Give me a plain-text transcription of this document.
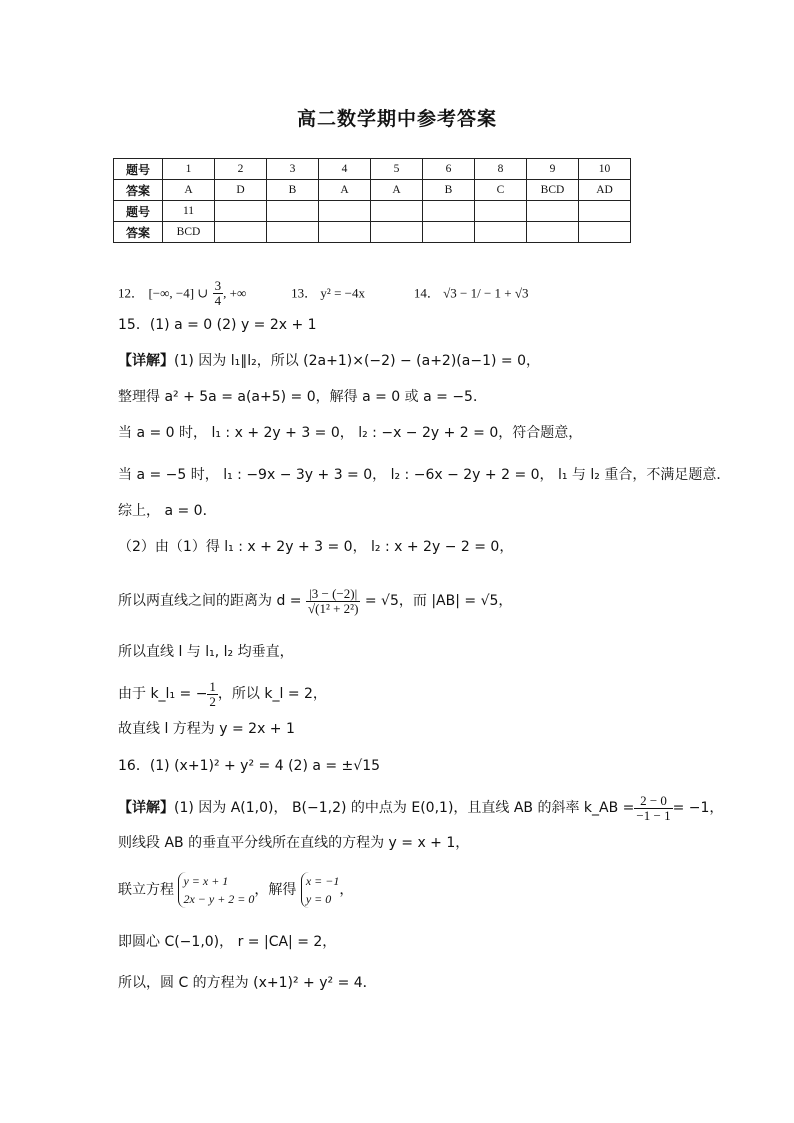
高二数学期中参考答案
题号	1	2	3	4	5	6	8	9	10
答案	A	D	B	A	A	B	C	BCD	AD
题号	11								
答案	BCD								
12． [−∞, −4] ∪ $\frac{3}{4}$ , +∞	13． y² = −4x	14． √3 − 1/ − 1 + √3
15．(1) a = 0 (2) y = 2x + 1
【详解】(1) 因为 l₁∥l₂，所以 (2a+1)×(−2) − (a+2)(a−1) = 0，
整理得 a² + 5a = a(a+5) = 0，解得 a = 0 或 a = −5．
当 a = 0 时， l₁ : x + 2y + 3 = 0， l₂ : −x − 2y + 2 = 0，符合题意，
当 a = −5 时， l₁ : −9x − 3y + 3 = 0， l₂ : −6x − 2y + 2 = 0， l₁ 与 l₂ 重合，不满足题意．
综上， a = 0．
（2）由（1）得 l₁ : x + 2y + 3 = 0， l₂ : x + 2y − 2 = 0，
所以两直线之间的距离为 $d = \frac{|3 - (-2)|}{\text{√(1² + 2²)}} = √5$，而 |AB| = √5，
所以直线 l 与 l₁, l₂ 均垂直，
由于 k_l₁ = − $\frac{1}{2}$ ，所以 k_l = 2，
故直线 l 方程为 y = 2x + 1
16．(1) (x+1)² + y² = 4 (2) a = ±√15
【详解】(1) 因为 A(1,0)， B(−1,2) 的中点为 E(0,1)，且直线 AB 的斜率 k_AB = $\frac{2 - 0}{-1 - 1} = -1$，
则线段 AB 的垂直平分线所在直线的方程为 y = x + 1，
联立方程
y = x + 1
2x − y + 2 = 0
，解得
x = −1
y = 0
，
即圆心 C(−1,0)， r = |CA| = 2，
所以，圆 C 的方程为 (x+1)² + y² = 4．
